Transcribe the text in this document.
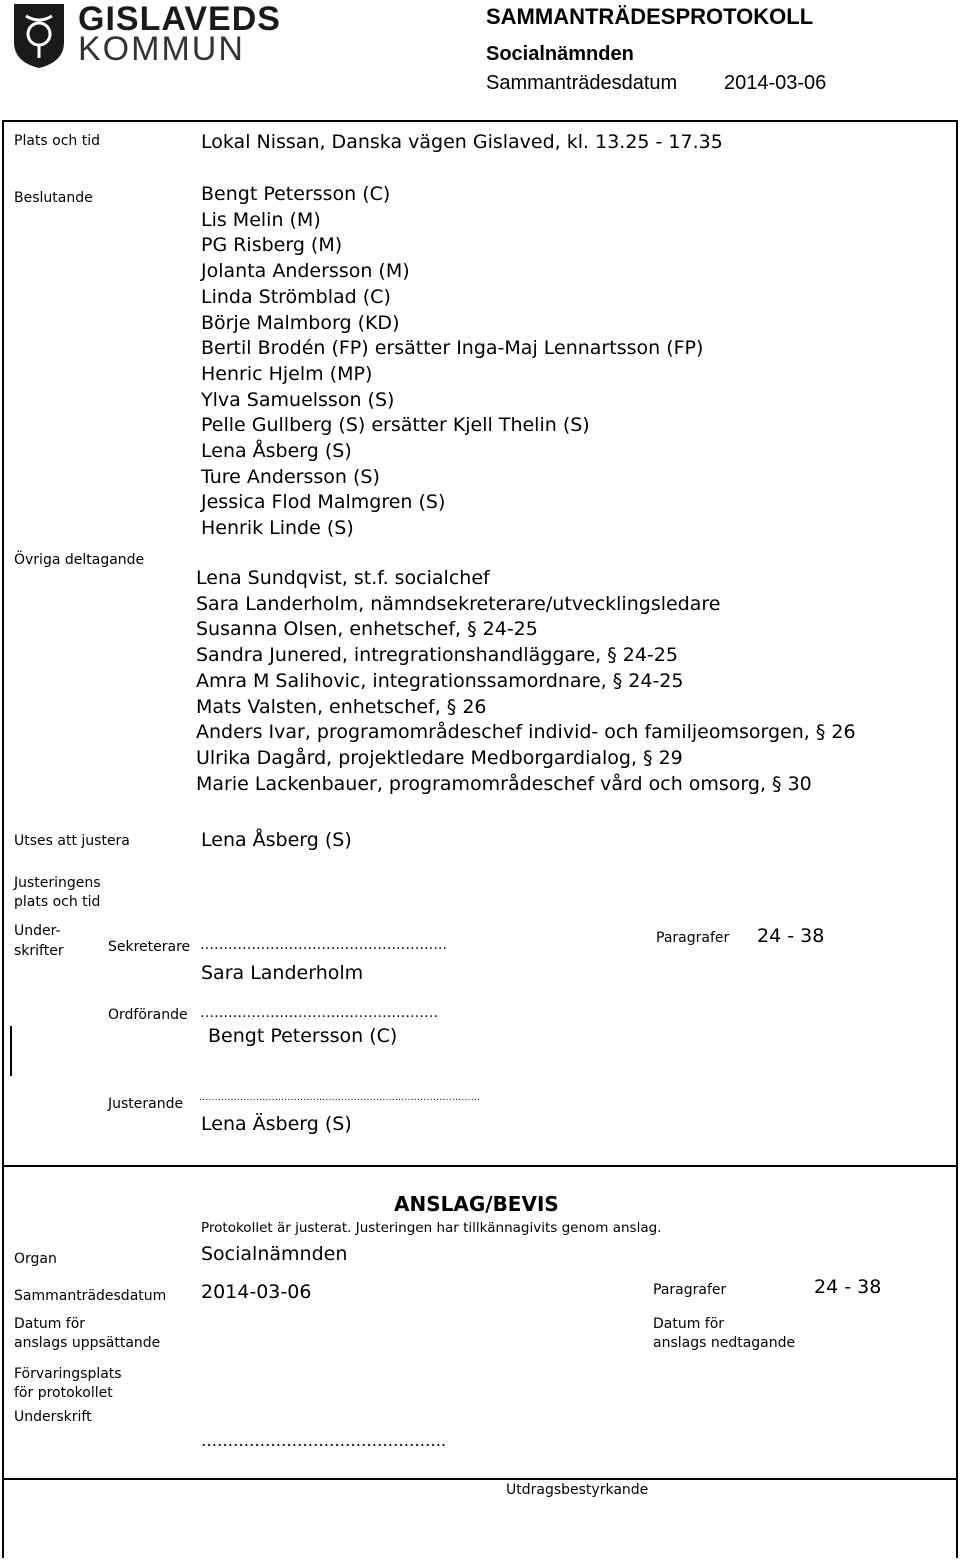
GISLAVEDS
KOMMUN
SAMMANTRÄDESPROTOKOLL
Socialnämnden
Sammanträdesdatum 2014-03-06
Plats och tid	Lokal Nissan, Danska vägen Gislaved, kl. 13.25 - 17.35
Beslutande	Bengt Petersson (C)
Lis Melin (M)
PG Risberg (M)
Jolanta Andersson (M)
Linda Strömblad (C)
Börje Malmborg (KD)
Bertil Brodén (FP) ersätter Inga-Maj Lennartsson (FP)
Henric Hjelm (MP)
Ylva Samuelsson (S)
Pelle Gullberg (S) ersätter Kjell Thelin (S)
Lena Åsberg (S)
Ture Andersson (S)
Jessica Flod Malmgren (S)
Henrik Linde (S)
Övriga deltagande
Lena Sundqvist, st.f. socialchef
Sara Landerholm, nämndsekreterare/utvecklingsledare
Susanna Olsen, enhetschef, § 24-25
Sandra Junered, intregrationshandläggare, § 24-25
Amra M Salihovic, integrationssamordnare, § 24-25
Mats Valsten, enhetschef, § 26
Anders Ivar, programområdeschef individ- och familjeomsorgen, § 26
Ulrika Dagård, projektledare Medborgardialog, § 29
Marie Lackenbauer, programområdeschef vård och omsorg, § 30
Utses att justera	Lena Åsberg (S)
Justeringens
plats och tid
Under-
skrifter	Sekreterare ……………………………………………..
Sara Landerholm
Paragrafer 24 - 38
Ordförande ……………………………………………
Bengt Petersson (C)
Justerande .........................................................................................
Lena Äsberg (S)
ANSLAG/BEVIS
Protokollet är justerat. Justeringen har tillkännagivits genom anslag.
Organ	Socialnämnden
Sammanträdesdatum 2014-03-06	Paragrafer	24 - 38
Datum för
anslags uppsättande
Datum för
anslags nedtagande
Förvaringsplats
för protokollet
Underskrift
……………………………………….
Utdragsbestyrkande
